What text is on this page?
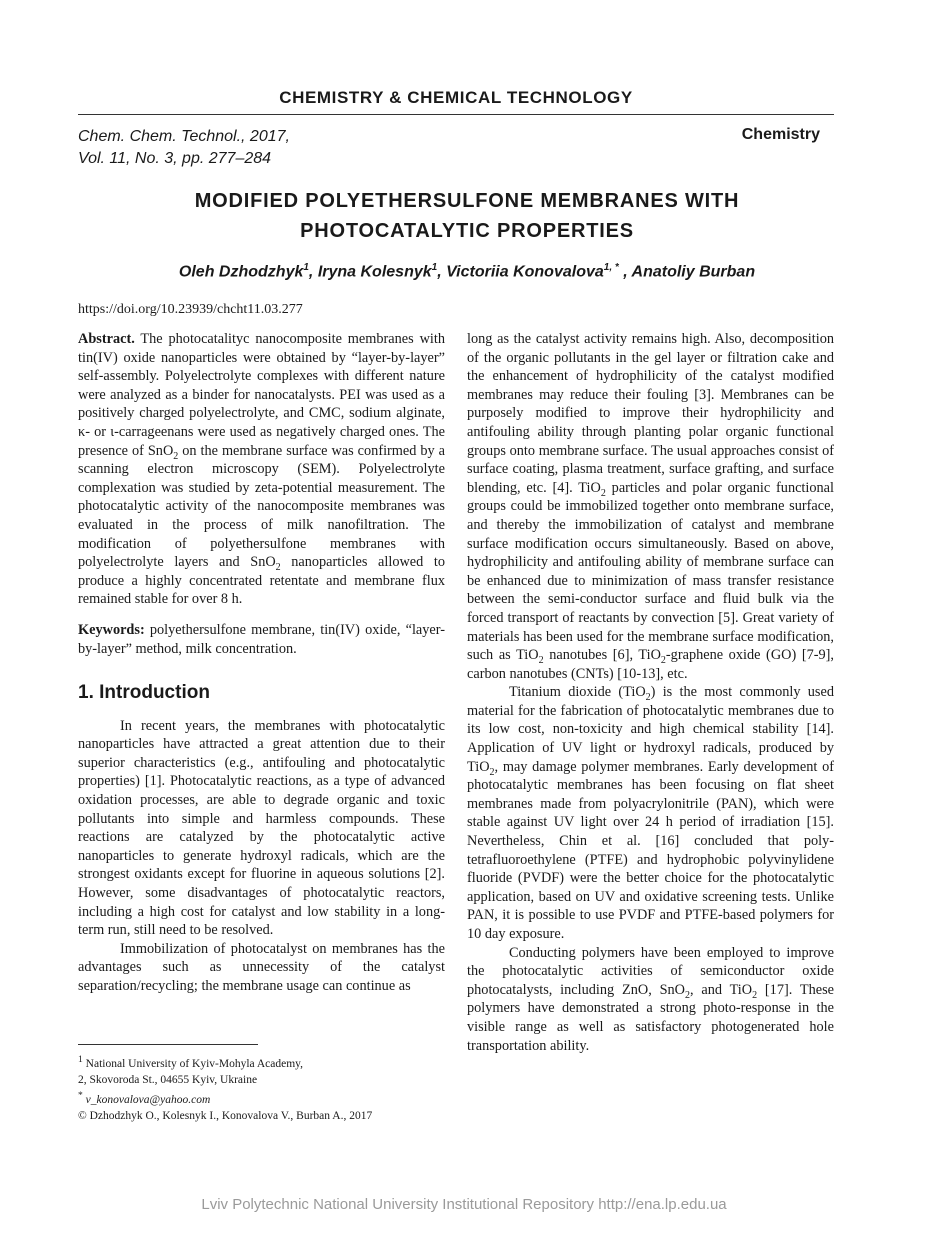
CHEMISTRY & CHEMICAL TECHNOLOGY
Chem. Chem. Technol., 2017,
Vol. 11, No. 3, pp. 277–284
Chemistry
MODIFIED POLYETHERSULFONE MEMBRANES WITH
PHOTOCATALYTIC PROPERTIES
Oleh Dzhodzhyk$^1$, Iryna Kolesnyk$^1$, Victoriia Konovalova$^{1, *}$ , Anatoliy Burban
https://doi.org/10.23939/chcht11.03.277

Abstract. The photocatalityc nanocomposite membranes with tin(IV) oxide nanoparticles were obtained by “layer-by-layer” self-assembly. Polyelectrolyte complexes with different nature were analyzed as a binder for nanocatalysts. PEI was used as a positively charged polyelectrolyte, and CMC, sodium alginate, κ- or ι-carrageenans were used as negatively charged ones. The presence of SnO$_2$ on the membrane surface was confirmed by a scanning electron microscopy (SEM). Polyelectrolyte complexation was studied by zeta-potential measurement. The photocatalytic activity of the nanocomposite membranes was evaluated in the process of milk nanofiltration. The modification of polyethersulfone membranes with polyelectrolyte layers and SnO$_2$ nanoparticles allowed to produce a highly concentrated retentate and membrane flux remained stable for over 8 h.

Keywords: polyethersulfone membrane, tin(IV) oxide, “layer-by-layer” method, milk concentration.

1. Introduction

In recent years, the membranes with photocatalytic nanoparticles have attracted a great attention due to their superior characteristics (e.g., antifouling and photocatalytic properties) [1]. Photocatalytic reactions, as a type of advanced oxidation processes, are able to degrade organic and toxic pollutants into simple and harmless compounds. These reactions are catalyzed by the photocatalytic active nanoparticles to generate hydroxyl radicals, which are the strongest oxidants except for fluorine in aqueous solutions [2]. However, some disadvantages of photocatalytic reactors, including a high cost for catalyst and low stability in a long-term run, still need to be resolved.

Immobilization of photocatalyst on membranes has the advantages such as unnecessity of the catalyst separation/recycling; the membrane usage can continue as

long as the catalyst activity remains high. Also, decomposition of the organic pollutants in the gel layer or filtration cake and the enhancement of hydrophilicity of the catalyst modified membranes may reduce their fouling [3]. Membranes can be purposely modified to improve their hydrophilicity and antifouling ability through planting polar organic functional groups onto membrane surface. The usual approaches consist of surface coating, plasma treatment, surface grafting, and surface blending, etc. [4]. TiO$_2$ particles and polar organic functional groups could be immobilized together onto membrane surface, and thereby the immobilization of catalyst and membrane surface modification occurs simultaneously. Based on above, hydrophilicity and antifouling ability of membrane surface can be enhanced due to minimization of mass transfer resistance between the semi-conductor surface and fluid bulk via the forced transport of reactants by convection [5]. Great variety of materials has been used for the membrane surface modification, such as TiO$_2$ nanotubes [6], TiO$_2$-graphene oxide (GO) [7-9], carbon nanotubes (CNTs) [10-13], etc.

Titanium dioxide (TiO$_2$) is the most commonly used material for the fabrication of photocatalytic membranes due to its low cost, non-toxicity and high chemical stability [14]. Application of UV light or hydroxyl radicals, produced by TiO$_2$, may damage polymer membranes. Early development of photocatalytic membranes has been focusing on flat sheet membranes made from polyacrylonitrile (PAN), which were stable against UV light over 24 h period of irradiation [15]. Nevertheless, Chin et al. [16] concluded that poly-tetrafluoroethylene (PTFE) and hydrophobic polyvinylidene fluoride (PVDF) were the better choice for the photocatalytic application, based on UV and oxidative screening tests. Unlike PAN, it is possible to use PVDF and PTFE-based polymers for 10 day exposure.

Conducting polymers have been employed to improve the photocatalytic activities of semiconductor oxide photocatalysts, including ZnO, SnO$_2$, and TiO$_2$ [17]. These polymers have demonstrated a strong photo-response in the visible range as well as satisfactory photogenerated hole transportation ability.

$^1$ National University of Kyiv-Mohyla Academy,
2, Skovoroda St., 04655 Kyiv, Ukraine
* v_konovalova@yahoo.com
© Dzhodzhyk O., Kolesnyk I., Konovalova V., Burban A., 2017
Lviv Polytechnic National University Institutional Repository http://ena.lp.edu.ua
